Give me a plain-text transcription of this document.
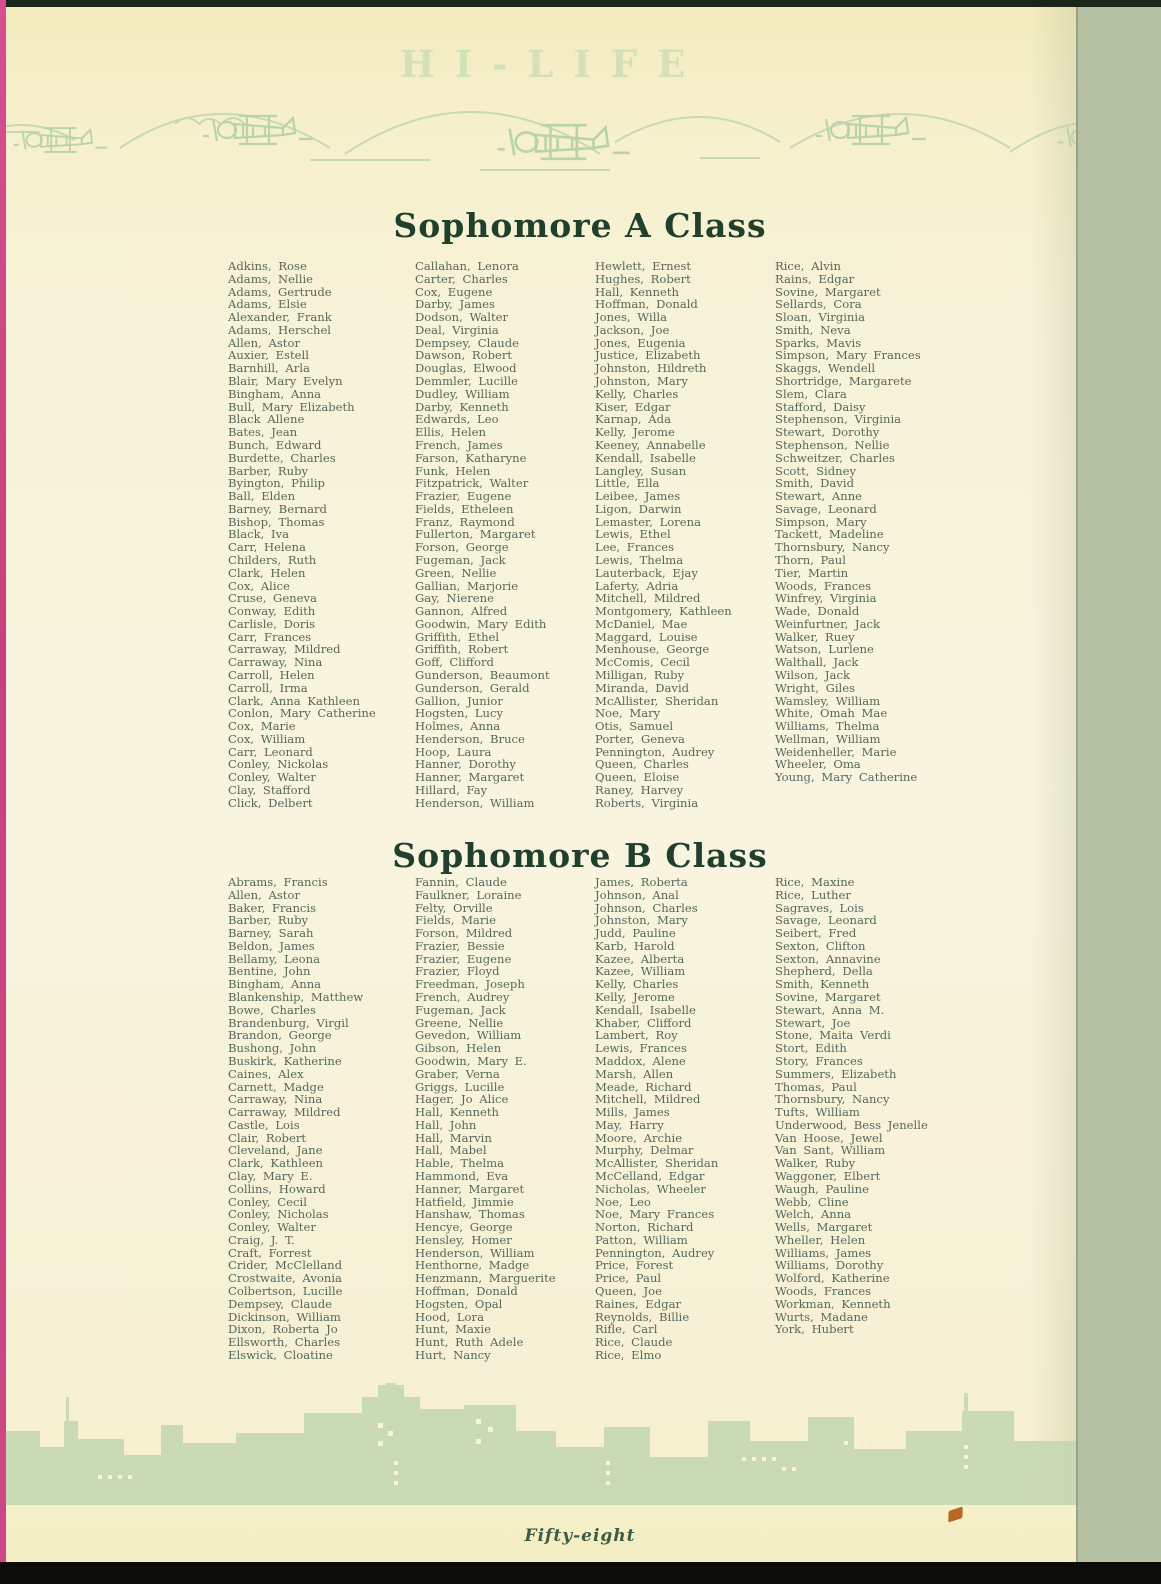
HI-LIFE
Sophomore A Class
Adkins, Rose
Adams, Nellie
Adams, Gertrude
Adams, Elsie
Alexander, Frank
Adams, Herschel
Allen, Astor
Auxier, Estell
Barnhill, Arla
Blair, Mary Evelyn
Bingham, Anna
Bull, Mary Elizabeth
Black Allene
Bates, Jean
Bunch, Edward
Burdette, Charles
Barber, Ruby
Byington, Philip
Ball, Elden
Barney, Bernard
Bishop, Thomas
Black, Iva
Carr, Helena
Childers, Ruth
Clark, Helen
Cox, Alice
Cruse, Geneva
Conway, Edith
Carlisle, Doris
Carr, Frances
Carraway, Mildred
Carraway, Nina
Carroll, Helen
Carroll, Irma
Clark, Anna Kathleen
Conlon, Mary Catherine
Cox, Marie
Cox, William
Carr, Leonard
Conley, Nickolas
Conley, Walter
Clay, Stafford
Click, Delbert
Callahan, Lenora
Carter, Charles
Cox, Eugene
Darby, James
Dodson, Walter
Deal, Virginia
Dempsey, Claude
Dawson, Robert
Douglas, Elwood
Demmler, Lucille
Dudley, William
Darby, Kenneth
Edwards, Leo
Ellis, Helen
French, James
Farson, Katharyne
Funk, Helen
Fitzpatrick, Walter
Frazier, Eugene
Fields, Etheleen
Franz, Raymond
Fullerton, Margaret
Forson, George
Fugeman, Jack
Green, Nellie
Gallian, Marjorie
Gay, Nierene
Gannon, Alfred
Goodwin, Mary Edith
Griffith, Ethel
Griffith, Robert
Goff, Clifford
Gunderson, Beaumont
Gunderson, Gerald
Gallion, Junior
Hogsten, Lucy
Holmes, Anna
Henderson, Bruce
Hoop, Laura
Hanner, Dorothy
Hanner, Margaret
Hillard, Fay
Henderson, William
Hewlett, Ernest
Hughes, Robert
Hall, Kenneth
Hoffman, Donald
Jones, Willa
Jackson, Joe
Jones, Eugenia
Justice, Elizabeth
Johnston, Hildreth
Johnston, Mary
Kelly, Charles
Kiser, Edgar
Karnap, Ada
Kelly, Jerome
Keeney, Annabelle
Kendall, Isabelle
Langley, Susan
Little, Ella
Leibee, James
Ligon, Darwin
Lemaster, Lorena
Lewis, Ethel
Lee, Frances
Lewis, Thelma
Lauterback, Ejay
Laferty, Adria
Mitchell, Mildred
Montgomery, Kathleen
McDaniel, Mae
Maggard, Louise
Menhouse, George
McComis, Cecil
Milligan, Ruby
Miranda, David
McAllister, Sheridan
Noe, Mary
Otis, Samuel
Porter, Geneva
Pennington, Audrey
Queen, Charles
Queen, Eloise
Raney, Harvey
Roberts, Virginia
Rice, Alvin
Rains, Edgar
Sovine, Margaret
Sellards, Cora
Sloan, Virginia
Smith, Neva
Sparks, Mavis
Simpson, Mary Frances
Skaggs, Wendell
Shortridge, Margarete
Slem, Clara
Stafford, Daisy
Stephenson, Virginia
Stewart, Dorothy
Stephenson, Nellie
Schweitzer, Charles
Scott, Sidney
Smith, David
Stewart, Anne
Savage, Leonard
Simpson, Mary
Tackett, Madeline
Thornsbury, Nancy
Thorn, Paul
Tier, Martin
Woods, Frances
Winfrey, Virginia
Wade, Donald
Weinfurtner, Jack
Walker, Ruey
Watson, Lurlene
Walthall, Jack
Wilson, Jack
Wright, Giles
Wamsley, William
White, Omah Mae
Williams, Thelma
Wellman, William
Weidenheller, Marie
Wheeler, Oma
Young, Mary Catherine
Sophomore B Class
Abrams, Francis
Allen, Astor
Baker, Francis
Barber, Ruby
Barney, Sarah
Beldon, James
Bellamy, Leona
Bentine, John
Bingham, Anna
Blankenship, Matthew
Bowe, Charles
Brandenburg, Virgil
Brandon, George
Bushong, John
Buskirk, Katherine
Caines, Alex
Carnett, Madge
Carraway, Nina
Carraway, Mildred
Castle, Lois
Clair, Robert
Cleveland, Jane
Clark, Kathleen
Clay, Mary E.
Collins, Howard
Conley, Cecil
Conley, Nicholas
Conley, Walter
Craig, J. T.
Craft, Forrest
Crider, McClelland
Crostwaite, Avonia
Colbertson, Lucille
Dempsey, Claude
Dickinson, William
Dixon, Roberta Jo
Ellsworth, Charles
Elswick, Cloatine
Fannin, Claude
Faulkner, Loraine
Felty, Orville
Fields, Marie
Forson, Mildred
Frazier, Bessie
Frazier, Eugene
Frazier, Floyd
Freedman, Joseph
French, Audrey
Fugeman, Jack
Greene, Nellie
Gevedon, William
Gibson, Helen
Goodwin, Mary E.
Graber, Verna
Griggs, Lucille
Hager, Jo Alice
Hall, Kenneth
Hall, John
Hall, Marvin
Hall, Mabel
Hable, Thelma
Hammond, Eva
Hanner, Margaret
Hatfield, Jimmie
Hanshaw, Thomas
Hencye, George
Hensley, Homer
Henderson, William
Henthorne, Madge
Henzmann, Marguerite
Hoffman, Donald
Hogsten, Opal
Hood, Lora
Hunt, Maxie
Hunt, Ruth Adele
Hurt, Nancy
James, Roberta
Johnson, Anal
Johnson, Charles
Johnston, Mary
Judd, Pauline
Karb, Harold
Kazee, Alberta
Kazee, William
Kelly, Charles
Kelly, Jerome
Kendall, Isabelle
Khaber, Clifford
Lambert, Roy
Lewis, Frances
Maddox, Alene
Marsh, Allen
Meade, Richard
Mitchell, Mildred
Mills, James
May, Harry
Moore, Archie
Murphy, Delmar
McAllister, Sheridan
McCelland, Edgar
Nicholas, Wheeler
Noe, Leo
Noe, Mary Frances
Norton, Richard
Patton, William
Pennington, Audrey
Price, Forest
Price, Paul
Queen, Joe
Raines, Edgar
Reynolds, Billie
Rifle, Carl
Rice, Claude
Rice, Elmo
Rice, Maxine
Rice, Luther
Sagraves, Lois
Savage, Leonard
Seibert, Fred
Sexton, Clifton
Sexton, Annavine
Shepherd, Della
Smith, Kenneth
Sovine, Margaret
Stewart, Anna M.
Stewart, Joe
Stone, Maita Verdi
Stort, Edith
Story, Frances
Summers, Elizabeth
Thomas, Paul
Thornsbury, Nancy
Tufts, William
Underwood, Bess Jenelle
Van Hoose, Jewel
Van Sant, William
Walker, Ruby
Waggoner, Elbert
Waugh, Pauline
Webb, Cline
Welch, Anna
Wells, Margaret
Wheller, Helen
Williams, James
Williams, Dorothy
Wolford, Katherine
Woods, Frances
Workman, Kenneth
Wurts, Madane
York, Hubert
Fifty-eight
